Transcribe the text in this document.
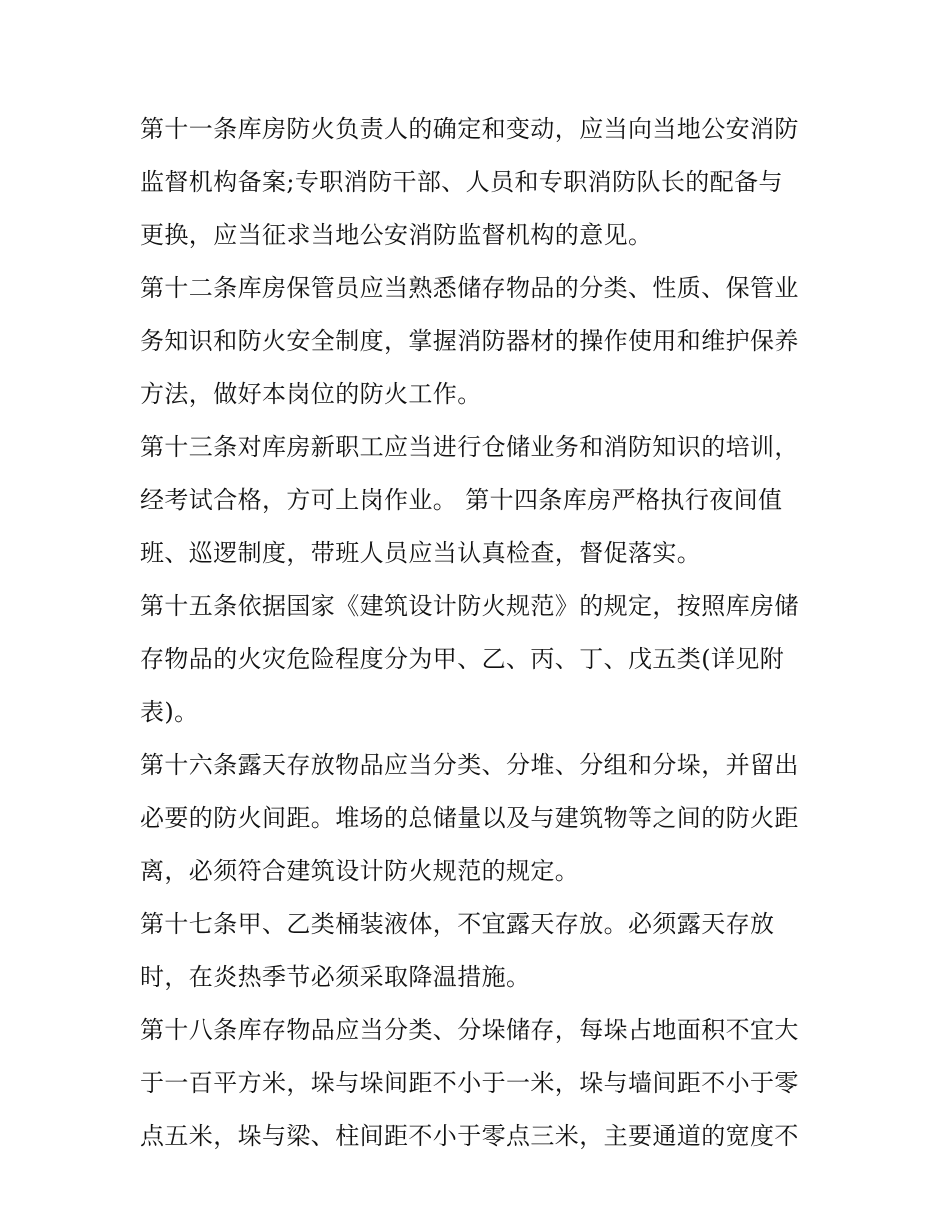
第十一条库房防火负责人的确定和变动，应当向当地公安消防
监督机构备案;专职消防干部、人员和专职消防队长的配备与
更换，应当征求当地公安消防监督机构的意见。

第十二条库房保管员应当熟悉储存物品的分类、性质、保管业
务知识和防火安全制度，掌握消防器材的操作使用和维护保养
方法，做好本岗位的防火工作。

第十三条对库房新职工应当进行仓储业务和消防知识的培训，
经考试合格，方可上岗作业。 第十四条库房严格执行夜间值
班、巡逻制度，带班人员应当认真检查，督促落实。

第十五条依据国家《建筑设计防火规范》的规定，按照库房储
存物品的火灾危险程度分为甲、乙、丙、丁、戊五类(详见附
表)。

第十六条露天存放物品应当分类、分堆、分组和分垛，并留出
必要的防火间距。堆场的总储量以及与建筑物等之间的防火距
离，必须符合建筑设计防火规范的规定。

第十七条甲、乙类桶装液体，不宜露天存放。必须露天存放
时，在炎热季节必须采取降温措施。

第十八条库存物品应当分类、分垛储存，每垛占地面积不宜大
于一百平方米，垛与垛间距不小于一米，垛与墙间距不小于零
点五米，垛与梁、柱间距不小于零点三米，主要通道的宽度不
